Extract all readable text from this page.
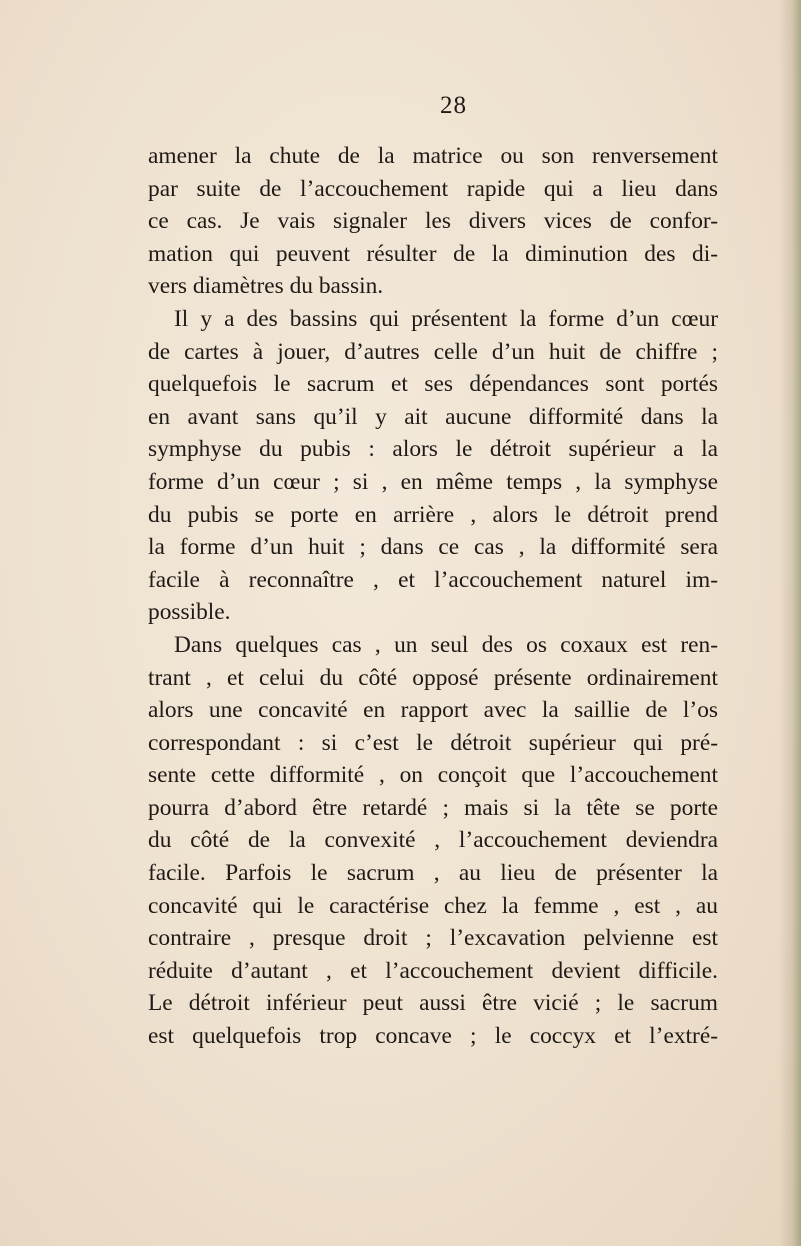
28
amener la chute de la matrice ou son renversement
par suite de l’accouchement rapide qui a lieu dans
ce cas. Je vais signaler les divers vices de confor-
mation qui peuvent résulter de la diminution des di-
vers diamètres du bassin.
Il y a des bassins qui présentent la forme d’un cœur
de cartes à jouer, d’autres celle d’un huit de chiffre ;
quelquefois le sacrum et ses dépendances sont portés
en avant sans qu’il y ait aucune difformité dans la
symphyse du pubis : alors le détroit supérieur a la
forme d’un cœur ; si , en même temps , la symphyse
du pubis se porte en arrière , alors le détroit prend
la forme d’un huit ; dans ce cas , la difformité sera
facile à reconnaître , et l’accouchement naturel im-
possible.
Dans quelques cas , un seul des os coxaux est ren-
trant , et celui du côté opposé présente ordinairement
alors une concavité en rapport avec la saillie de l’os
correspondant : si c’est le détroit supérieur qui pré-
sente cette difformité , on conçoit que l’accouchement
pourra d’abord être retardé ; mais si la tête se porte
du côté de la convexité , l’accouchement deviendra
facile. Parfois le sacrum , au lieu de présenter la
concavité qui le caractérise chez la femme , est , au
contraire , presque droit ; l’excavation pelvienne est
réduite d’autant , et l’accouchement devient difficile.
Le détroit inférieur peut aussi être vicié ; le sacrum
est quelquefois trop concave ; le coccyx et l’extré-
